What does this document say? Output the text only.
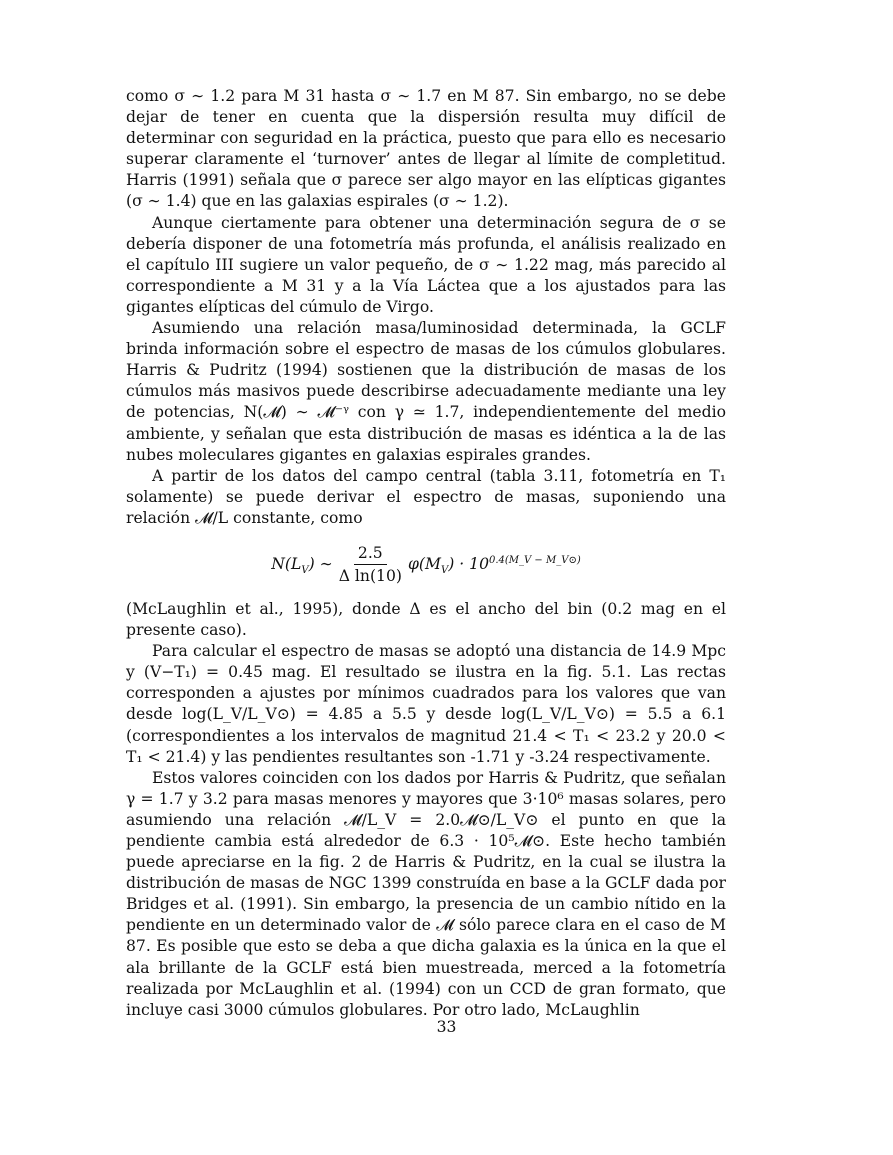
como σ ∼ 1.2 para M 31 hasta σ ∼ 1.7 en M 87. Sin embargo, no se debe dejar de tener en cuenta que la dispersión resulta muy difícil de determinar con seguridad en la práctica, puesto que para ello es necesario superar claramente el ‘turnover’ antes de llegar al límite de completitud. Harris (1991) señala que σ parece ser algo mayor en las elípticas gigantes (σ ∼ 1.4) que en las galaxias espirales (σ ∼ 1.2).

Aunque ciertamente para obtener una determinación segura de σ se debería disponer de una fotometría más profunda, el análisis realizado en el capítulo III sugiere un valor pequeño, de σ ∼ 1.22 mag, más parecido al correspondiente a M 31 y a la Vía Láctea que a los ajustados para las gigantes elípticas del cúmulo de Virgo.

Asumiendo una relación masa/luminosidad determinada, la GCLF brinda información sobre el espectro de masas de los cúmulos globulares. Harris & Pudritz (1994) sostienen que la distribución de masas de los cúmulos más masivos puede describirse adecuadamente mediante una ley de potencias, N(𝓜) ∼ 𝓜⁻ᵞ con γ ≃ 1.7, independientemente del medio ambiente, y señalan que esta distribución de masas es idéntica a la de las nubes moleculares gigantes en galaxias espirales grandes.

A partir de los datos del campo central (tabla 3.11, fotometría en T₁ solamente) se puede derivar el espectro de masas, suponiendo una relación 𝓜/L constante, como

$N(L_V)$ ∼ $\frac{2.5}{\text{Δ ln(10)}} \varphi(M_V) \cdot 10^{0.4(M\_V - M\_V⊙)}$

(McLaughlin et al., 1995), donde Δ es el ancho del bin (0.2 mag en el presente caso).

Para calcular el espectro de masas se adoptó una distancia de 14.9 Mpc y (V−T₁) = 0.45 mag. El resultado se ilustra en la fig. 5.1. Las rectas corresponden a ajustes por mínimos cuadrados para los valores que van desde log(L_V/L_V⊙) = 4.85 a 5.5 y desde log(L_V/L_V⊙) = 5.5 a 6.1 (correspondientes a los intervalos de magnitud 21.4 < T₁ < 23.2 y 20.0 < T₁ < 21.4) y las pendientes resultantes son -1.71 y -3.24 respectivamente.

Estos valores coinciden con los dados por Harris & Pudritz, que señalan γ = 1.7 y 3.2 para masas menores y mayores que 3·10⁶ masas solares, pero asumiendo una relación 𝓜/L_V = 2.0𝓜⊙/L_V⊙ el punto en que la pendiente cambia está alrededor de 6.3 · 10⁵𝓜⊙. Este hecho también puede apreciarse en la fig. 2 de Harris & Pudritz, en la cual se ilustra la distribución de masas de NGC 1399 construída en base a la GCLF dada por Bridges et al. (1991). Sin embargo, la presencia de un cambio nítido en la pendiente en un determinado valor de 𝓜 sólo parece clara en el caso de M 87. Es posible que esto se deba a que dicha galaxia es la única en la que el ala brillante de la GCLF está bien muestreada, merced a la fotometría realizada por McLaughlin et al. (1994) con un CCD de gran formato, que incluye casi 3000 cúmulos globulares. Por otro lado, McLaughlin

33
